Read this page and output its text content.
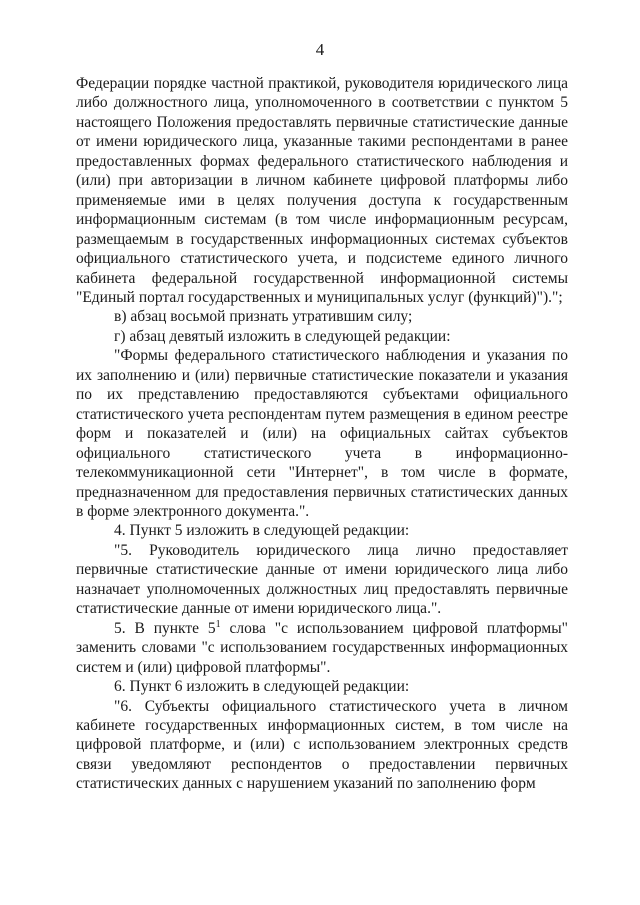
4

Федерации порядке частной практикой, руководителя юридического лица либо должностного лица, уполномоченного в соответствии с пунктом 5 настоящего Положения предоставлять первичные статистические данные от имени юридического лица, указанные такими респондентами в ранее предоставленных формах федерального статистического наблюдения и (или) при авторизации в личном кабинете цифровой платформы либо применяемые ими в целях получения доступа к государственным информационным системам (в том числе информационным ресурсам, размещаемым в государственных информационных системах субъектов официального статистического учета, и подсистеме единого личного кабинета федеральной государственной информационной системы "Единый портал государственных и муниципальных услуг (функций)").";

в) абзац восьмой признать утратившим силу;

г) абзац девятый изложить в следующей редакции:

"Формы федерального статистического наблюдения и указания по их заполнению и (или) первичные статистические показатели и указания по их представлению предоставляются субъектами официального статистического учета респондентам путем размещения в едином реестре форм и показателей и (или) на официальных сайтах субъектов официального статистического учета в информационно-телекоммуникационной сети "Интернет", в том числе в формате, предназначенном для предоставления первичных статистических данных в форме электронного документа.".

4. Пункт 5 изложить в следующей редакции:

"5. Руководитель юридического лица лично предоставляет первичные статистические данные от имени юридического лица либо назначает уполномоченных должностных лиц предоставлять первичные статистические данные от имени юридического лица.".

5. В пункте $5^1$ слова "с использованием цифровой платформы" заменить словами "с использованием государственных информационных систем и (или) цифровой платформы".

6. Пункт 6 изложить в следующей редакции:

"6. Субъекты официального статистического учета в личном кабинете государственных информационных систем, в том числе на цифровой платформе, и (или) с использованием электронных средств связи уведомляют респондентов о предоставлении первичных статистических данных с нарушением указаний по заполнению форм
